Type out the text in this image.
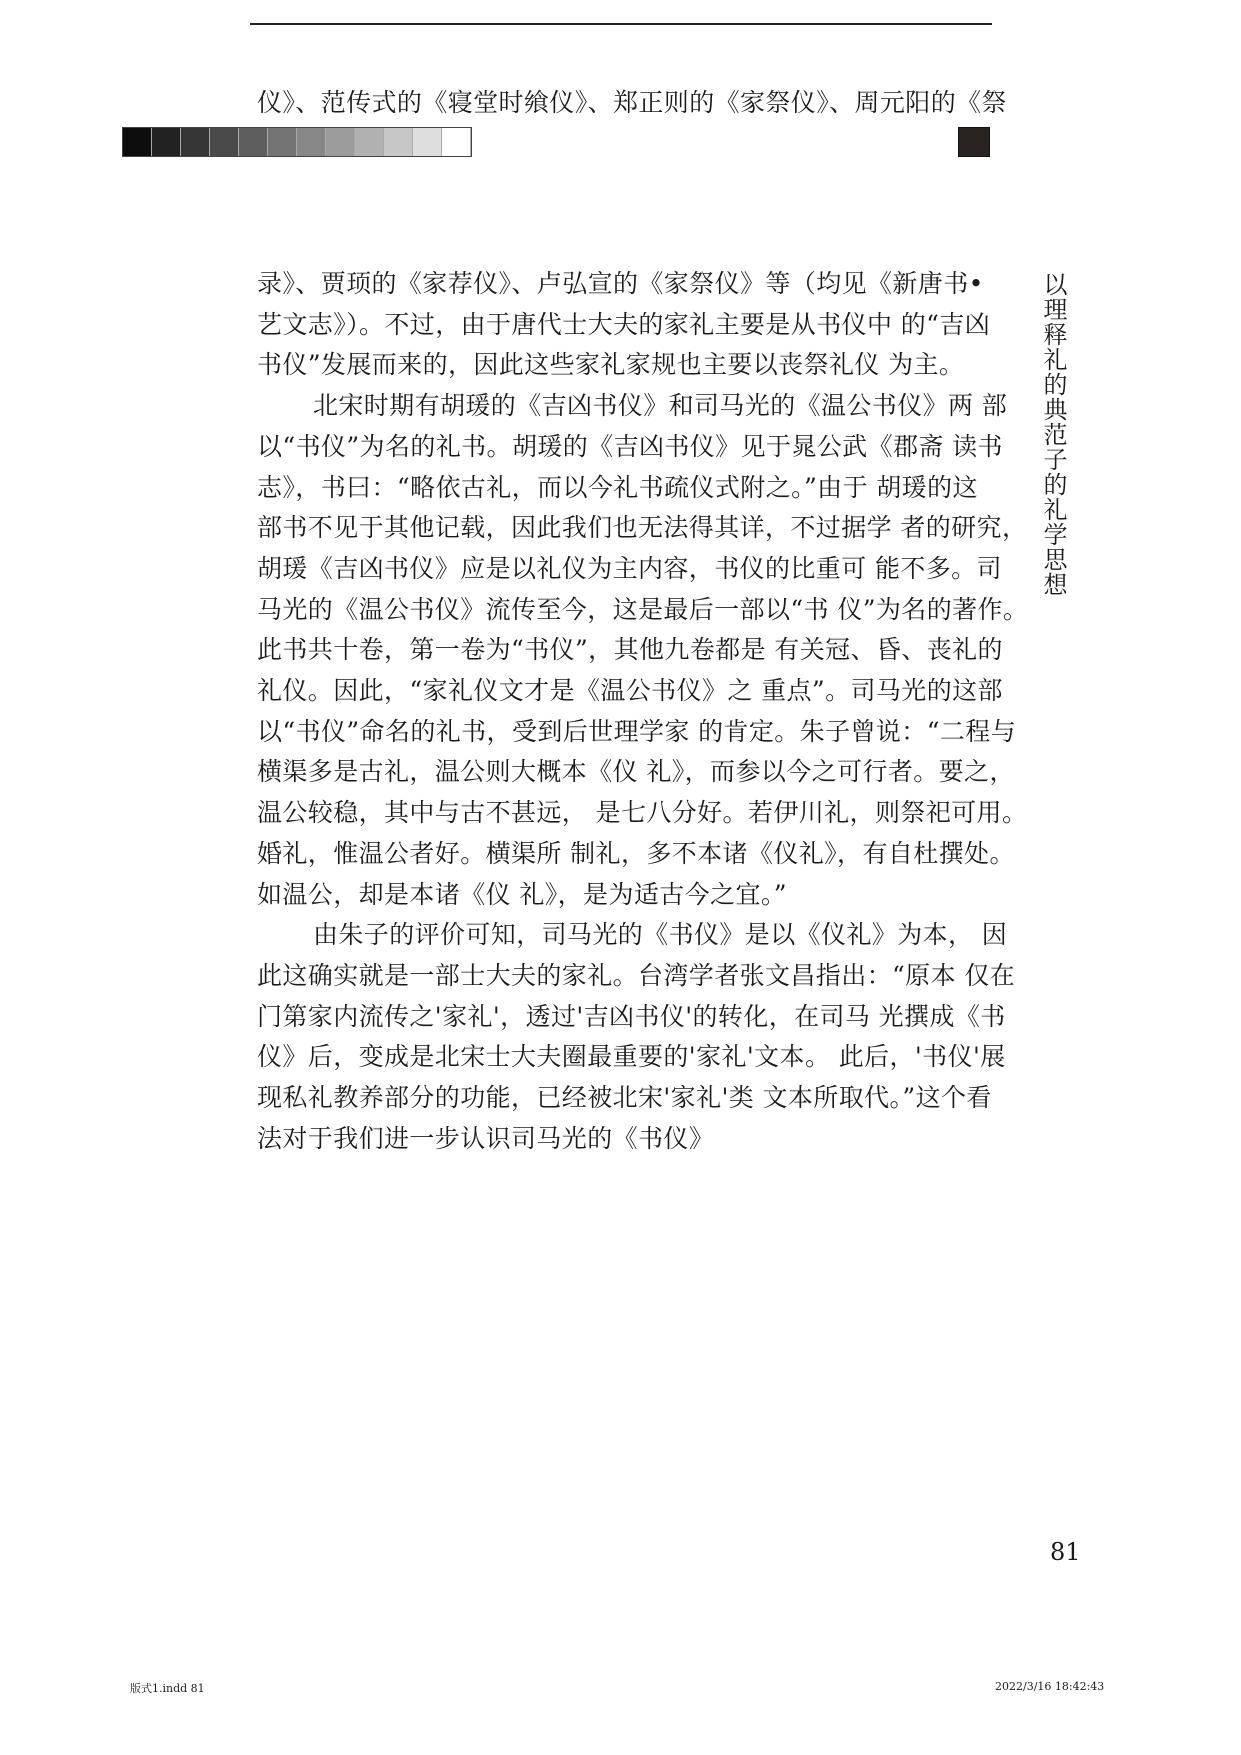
仪》、范传式的《寝堂时飨仪》、郑正则的《家祭仪》、周元阳的《祭
录》、贾顼的《家荐仪》、卢弘宣的《家祭仪》等（均见《新唐书•
艺文志》）。不过，由于唐代士大夫的家礼主要是从书仪中 的“吉凶
书仪”发展而来的，因此这些家礼家规也主要以丧祭礼仪 为主。
北宋时期有胡瑗的《吉凶书仪》和司马光的《温公书仪》两 部
以“书仪”为名的礼书。胡瑗的《吉凶书仪》见于晁公武《郡斋 读书
志》，书曰：“略依古礼，而以今礼书疏仪式附之。”由于 胡瑗的这
部书不见于其他记载，因此我们也无法得其详，不过据学 者的研究，
胡瑗《吉凶书仪》应是以礼仪为主内容，书仪的比重可 能不多。司
马光的《温公书仪》流传至今，这是最后一部以“书 仪”为名的著作。
此书共十卷，第一卷为“书仪”，其他九卷都是 有关冠、昏、丧礼的
礼仪。因此，“家礼仪文才是《温公书仪》之 重点”。司马光的这部
以“书仪”命名的礼书，受到后世理学家 的肯定。朱子曾说：“二程与
横渠多是古礼，温公则大概本《仪 礼》，而参以今之可行者。要之，
温公较稳，其中与古不甚远， 是七八分好。若伊川礼，则祭祀可用。
婚礼，惟温公者好。横渠所 制礼，多不本诸《仪礼》，有自杜撰处。
如温公，却是本诸《仪 礼》，是为适古今之宜。”
由朱子的评价可知，司马光的《书仪》是以《仪礼》为本， 因
此这确实就是一部士大夫的家礼。台湾学者张文昌指出：“原本 仅在
门第家内流传之'家礼'，透过'吉凶书仪'的转化，在司马 光撰成《书
仪》后，变成是北宋士大夫圈最重要的'家礼'文本。 此后，'书仪'展
现私礼教养部分的功能，已经被北宋'家礼'类 文本所取代。”这个看
法对于我们进一步认识司马光的《书仪》
以理释礼的典范子的礼学思想
81
版式1.indd 81	2022/3/16 18:42:43
